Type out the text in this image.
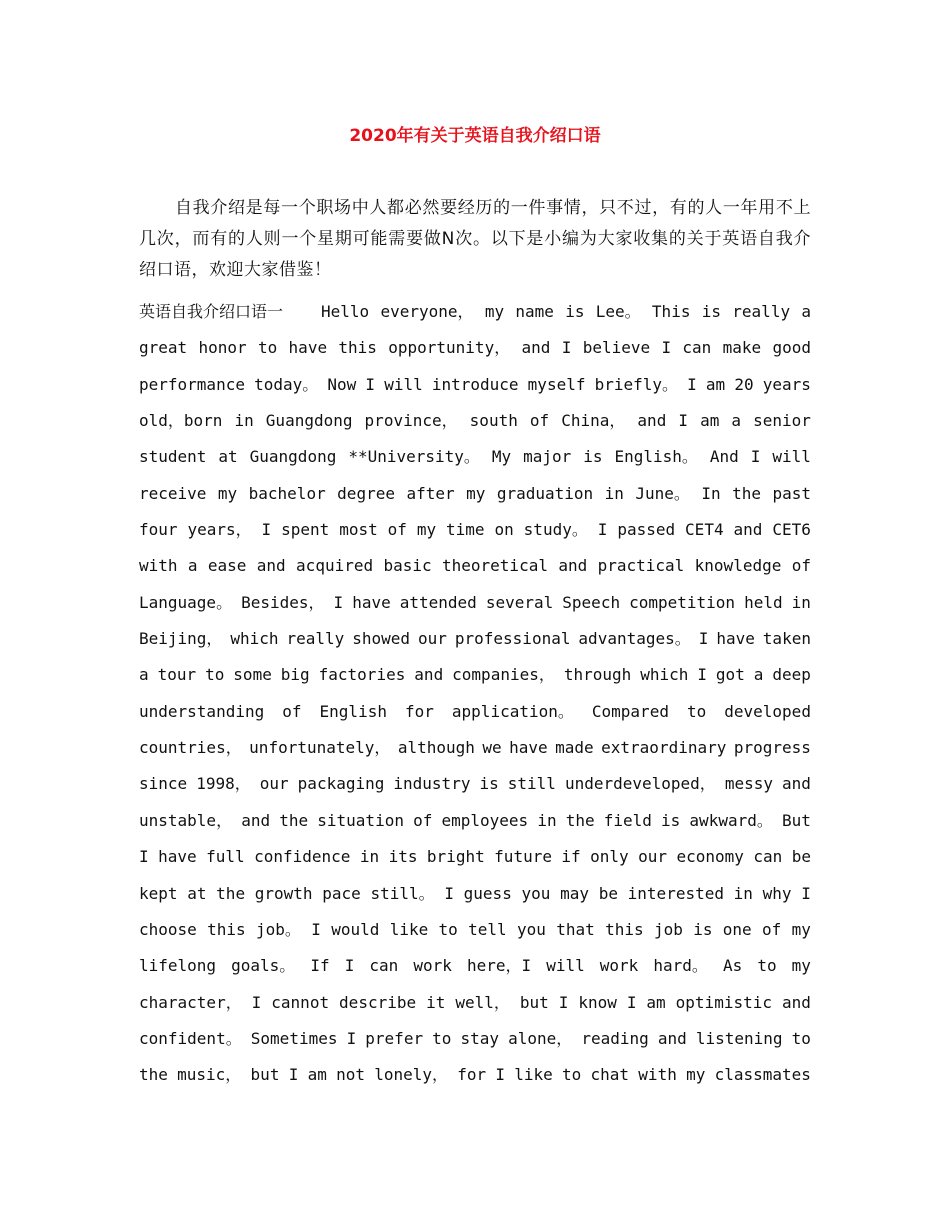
2020年有关于英语自我介绍口语
自我介绍是每一个职场中人都必然要经历的一件事情，只不过，有的人一年用不上几次，而有的人则一个星期可能需要做N次。以下是小编为大家收集的关于英语自我介绍口语，欢迎大家借鉴！
英语自我介绍口语一 Hello everyone， my name is Lee。 This is really a
great honor to have this opportunity， and I believe I can make good
performance today。 Now I will introduce myself briefly。 I am 20 years
old，born in Guangdong province， south of China， and I am a senior
student at Guangdong **University。 My major is English。 And I will
receive my bachelor degree after my graduation in June。 In the past
four years， I spent most of my time on study。 I passed CET4 and CET6
with a ease and acquired basic theoretical and practical knowledge of
Language。 Besides， I have attended several Speech competition held in
Beijing， which really showed our professional advantages。 I have taken
a tour to some big factories and companies， through which I got a deep
understanding of English for application。 Compared to developed
countries， unfortunately， although we have made extraordinary progress
since 1998， our packaging industry is still underdeveloped， messy and
unstable， and the situation of employees in the field is awkward。 But
I have full confidence in its bright future if only our economy can be
kept at the growth pace still。 I guess you may be interested in why I
choose this job。 I would like to tell you that this job is one of my
lifelong goals。 If I can work here，I will work hard。 As to my
character， I cannot describe it well， but I know I am optimistic and
confident。 Sometimes I prefer to stay alone， reading and listening to
the music， but I am not lonely， for I like to chat with my classmates
